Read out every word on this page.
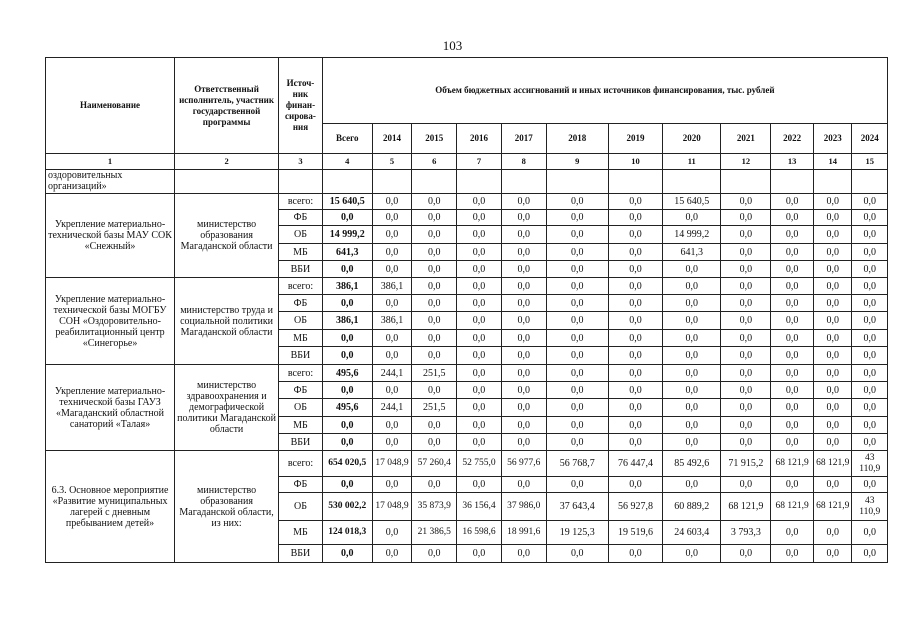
103
Наименование	Ответственный исполнитель, участник государственной программы	Источ-ник финан-сирова-ния	Объем бюджетных ассигнований и иных источников финансирования, тыс. рублей											
			Всего	2014	2015	2016	2017	2018	2019	2020	2021	2022	2023	2024
1	2	3	4	5	6	7	8	9	10	11	12	13	14	15
оздоровительных организаций»														
Укрепление материально-технической базы МАУ СОК «Снежный»	министерство образования Магаданской области	всего:	15 640,5	0,0	0,0	0,0	0,0	0,0	0,0	15 640,5	0,0	0,0	0,0	0,0
		ФБ	0,0	0,0	0,0	0,0	0,0	0,0	0,0	0,0	0,0	0,0	0,0	0,0
		ОБ	14 999,2	0,0	0,0	0,0	0,0	0,0	0,0	14 999,2	0,0	0,0	0,0	0,0
		МБ	641,3	0,0	0,0	0,0	0,0	0,0	0,0	641,3	0,0	0,0	0,0	0,0
		ВБИ	0,0	0,0	0,0	0,0	0,0	0,0	0,0	0,0	0,0	0,0	0,0	0,0
Укрепление материально-технической базы МОГБУ СОН «Оздоровительно-реабилитационный центр «Синегорье»	министерство труда и социальной политики Магаданской области	всего:	386,1	386,1	0,0	0,0	0,0	0,0	0,0	0,0	0,0	0,0	0,0	0,0
		ФБ	0,0	0,0	0,0	0,0	0,0	0,0	0,0	0,0	0,0	0,0	0,0	0,0
		ОБ	386,1	386,1	0,0	0,0	0,0	0,0	0,0	0,0	0,0	0,0	0,0	0,0
		МБ	0,0	0,0	0,0	0,0	0,0	0,0	0,0	0,0	0,0	0,0	0,0	0,0
		ВБИ	0,0	0,0	0,0	0,0	0,0	0,0	0,0	0,0	0,0	0,0	0,0	0,0
Укрепление материально-технической базы ГАУЗ «Магаданский областной санаторий «Талая»	министерство здравоохранения и демографической политики Магаданской области	всего:	495,6	244,1	251,5	0,0	0,0	0,0	0,0	0,0	0,0	0,0	0,0	0,0
		ФБ	0,0	0,0	0,0	0,0	0,0	0,0	0,0	0,0	0,0	0,0	0,0	0,0
		ОБ	495,6	244,1	251,5	0,0	0,0	0,0	0,0	0,0	0,0	0,0	0,0	0,0
		МБ	0,0	0,0	0,0	0,0	0,0	0,0	0,0	0,0	0,0	0,0	0,0	0,0
		ВБИ	0,0	0,0	0,0	0,0	0,0	0,0	0,0	0,0	0,0	0,0	0,0	0,0
6.3. Основное мероприятие «Развитие муниципальных лагерей с дневным пребыванием детей»	министерство образования Магаданской области, из них:	всего:	654 020,5	17 048,9	57 260,4	52 755,0	56 977,6	56 768,7	76 447,4	85 492,6	71 915,2	68 121,9	68 121,9	43 110,9
		ФБ	0,0	0,0	0,0	0,0	0,0	0,0	0,0	0,0	0,0	0,0	0,0	0,0
		ОБ	530 002,2	17 048,9	35 873,9	36 156,4	37 986,0	37 643,4	56 927,8	60 889,2	68 121,9	68 121,9	68 121,9	43 110,9
		МБ	124 018,3	0,0	21 386,5	16 598,6	18 991,6	19 125,3	19 519,6	24 603,4	3 793,3	0,0	0,0	0,0
		ВБИ	0,0	0,0	0,0	0,0	0,0	0,0	0,0	0,0	0,0	0,0	0,0	0,0
